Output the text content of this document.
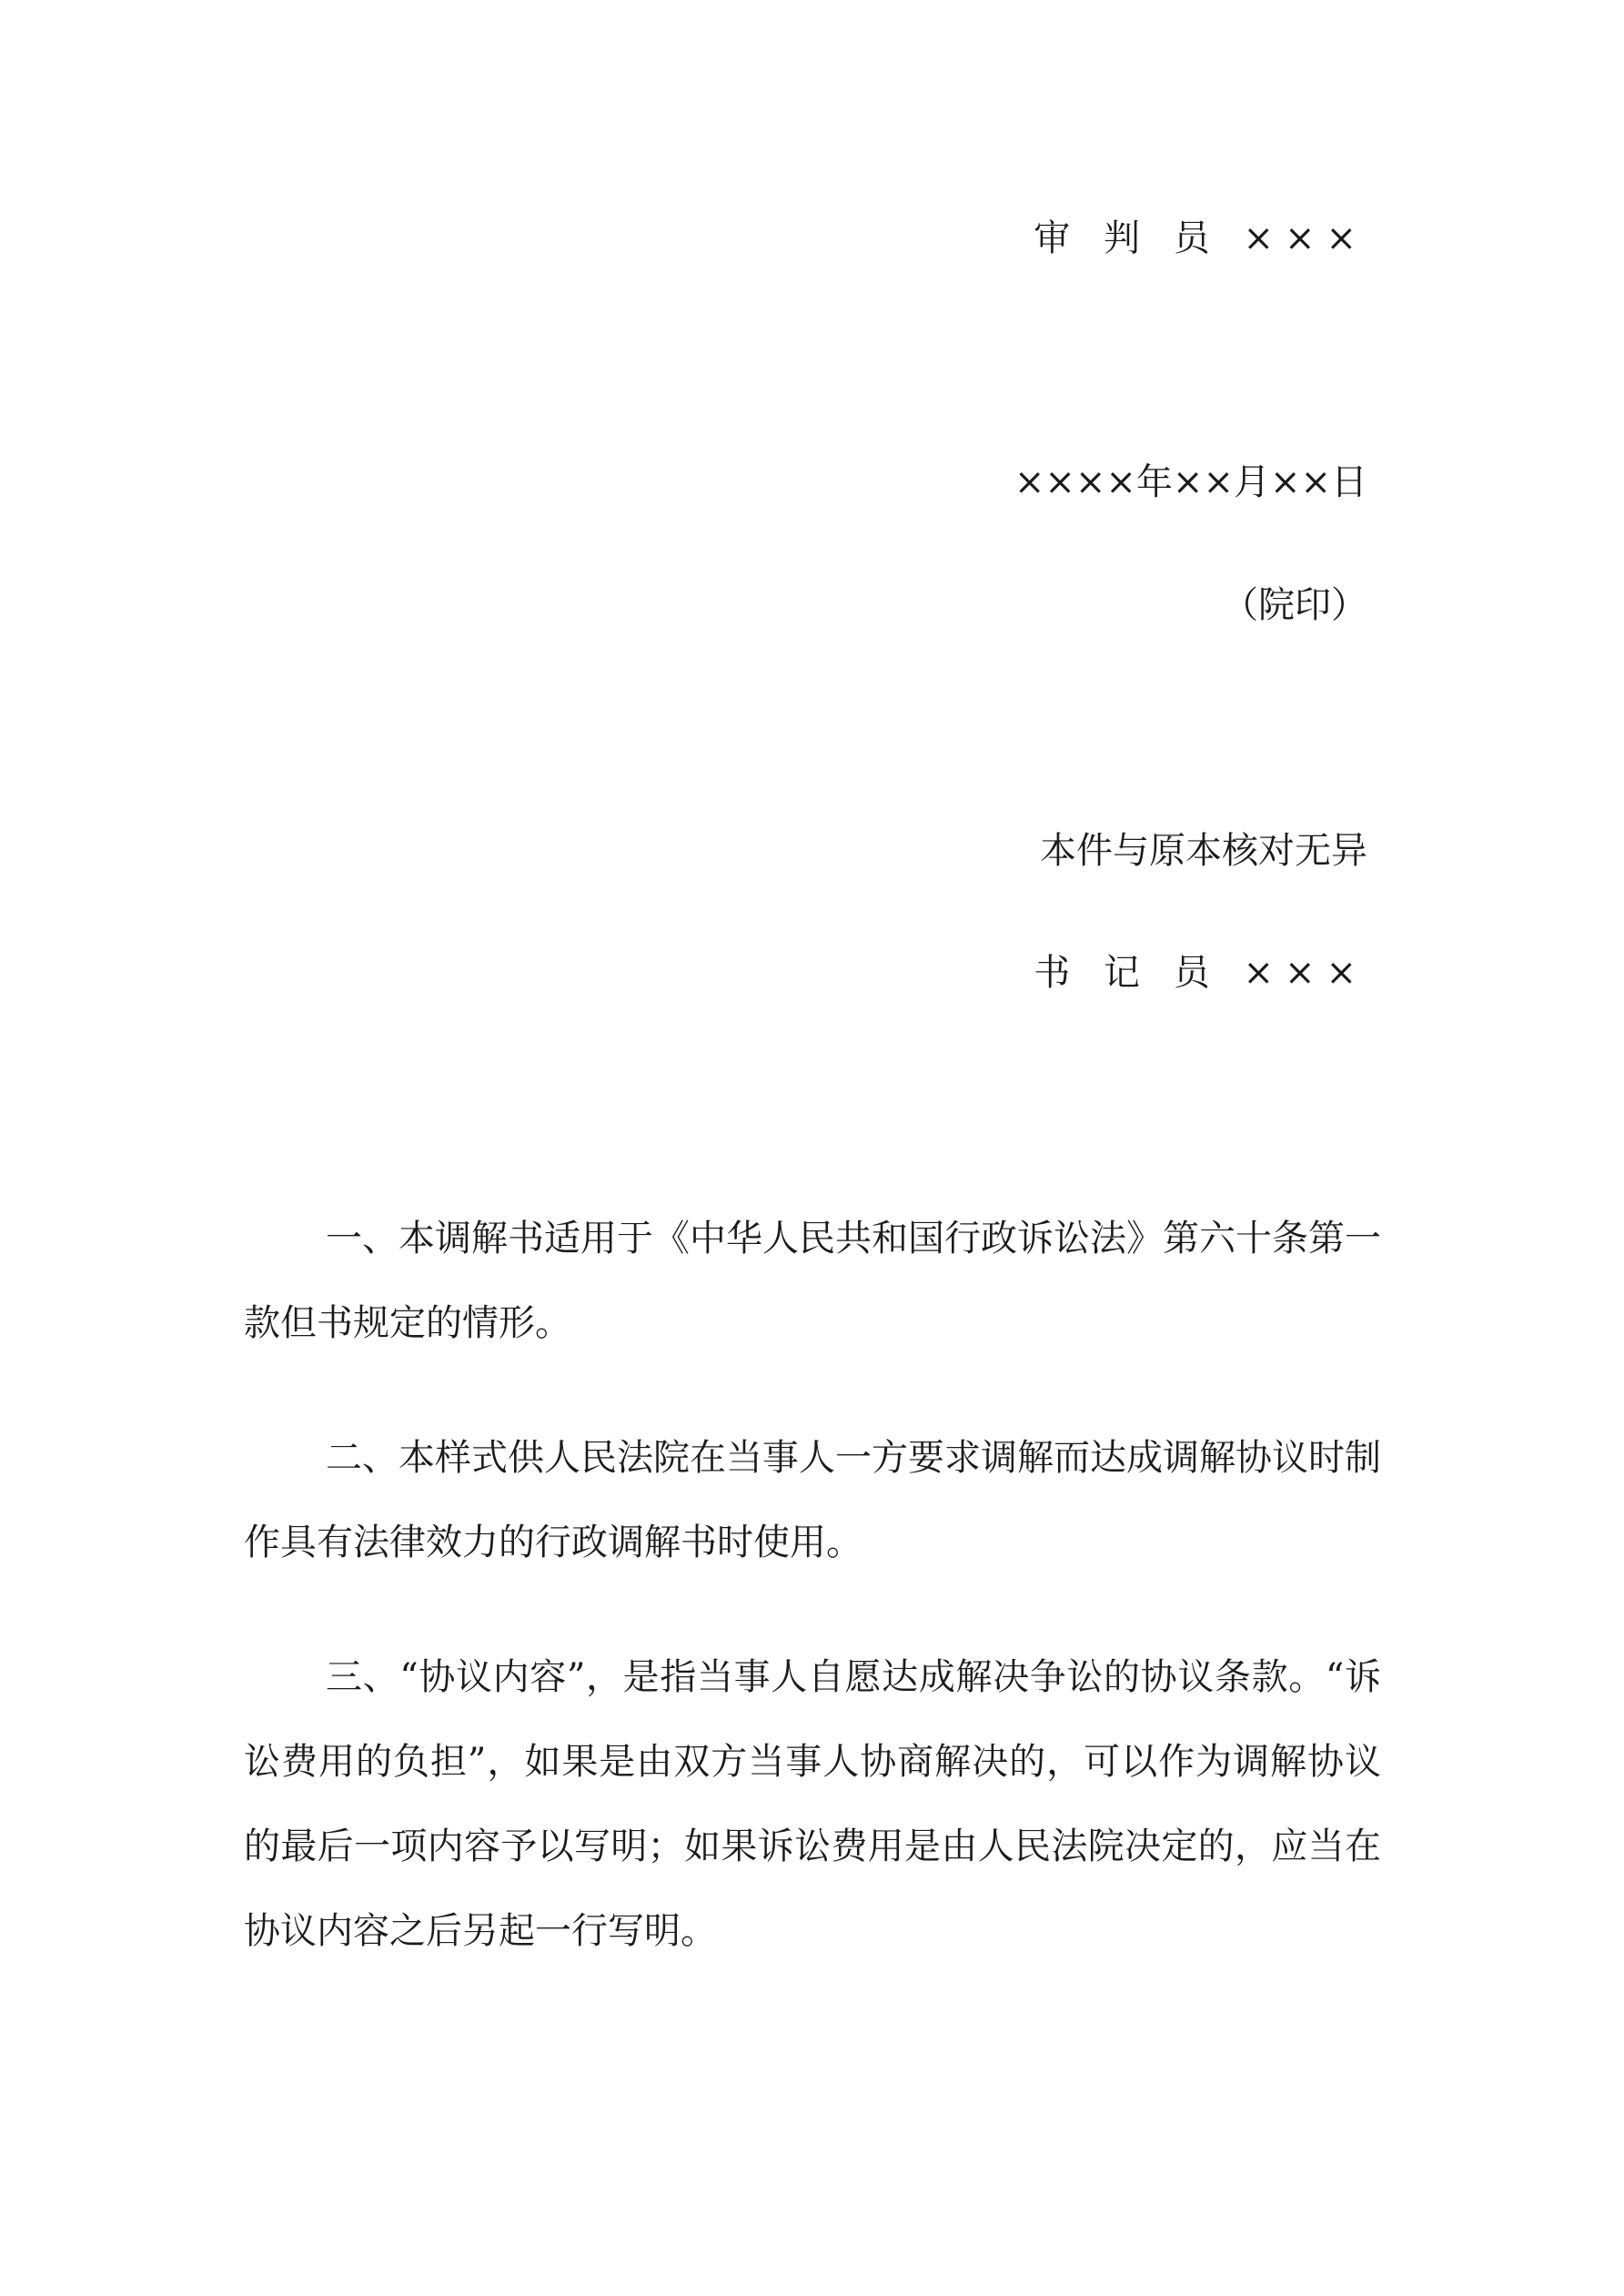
审 判 员 ×××
××××年××月××日
（院印）
本件与原本核对无异
书 记 员 ×××

一、本调解书适用于《中华人民共和国行政诉讼法》第六十条第一款但书规定的情形。

二、本样式供人民法院在当事人一方要求调解而达成调解协议时制作具有法律效力的行政调解书时使用。

三、“协议内容”，是指当事人自愿达成解决争讼的协议条款。“诉讼费用的负担”，如果是由双方当事人协商解决的，可以作为调解协议的最后一项内容予以写明；如果诉讼费用是由人民法院决定的，应当在协议内容之后另起一行写明。
